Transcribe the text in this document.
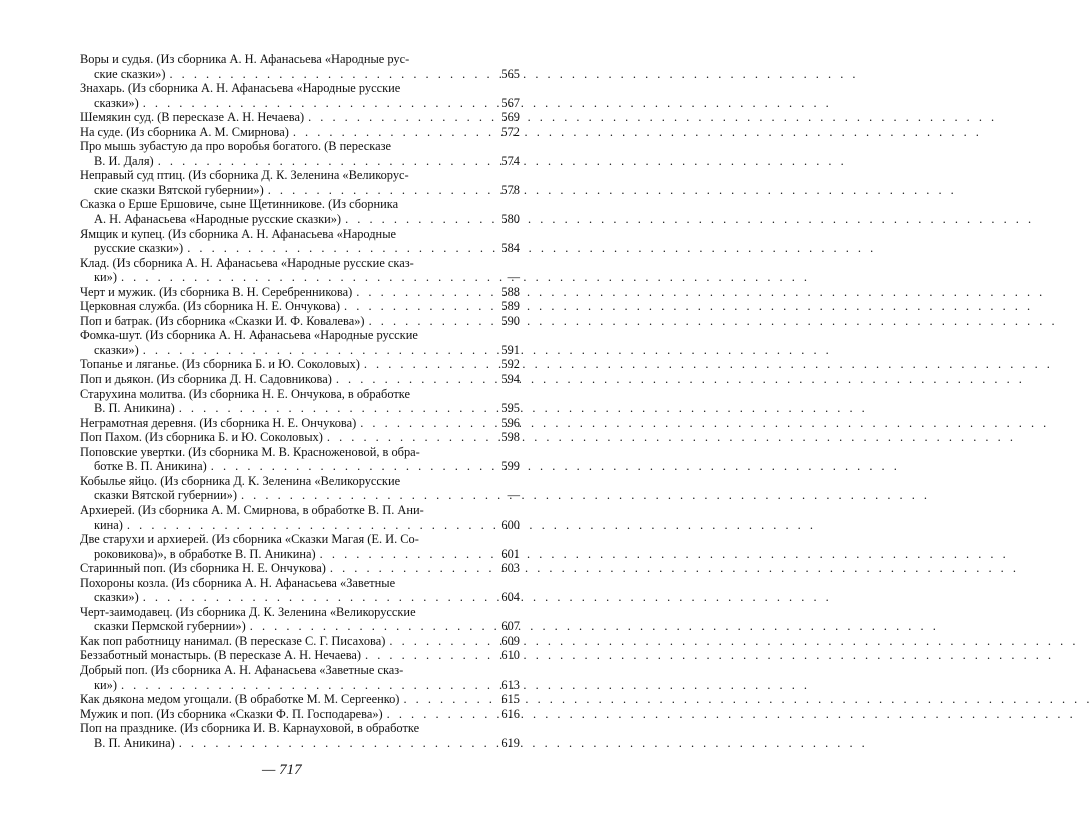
Воры и судья. (Из сборника А. Н. Афанасьева «Народные рус-
ские сказки») . . .	565
Знахарь. (Из сборника А. Н. Афанасьева «Народные русские
сказки») . . .	567
Шемякин суд. (В пересказе А. Н. Нечаева) . . .	569
На суде. (Из сборника А. М. Смирнова) . . .	572
Про мышь зубастую да про воробья богатого. (В пересказе
В. И. Даля) . . .	574
Неправый суд птиц. (Из сборника Д. К. Зеленина «Великорус-
ские сказки Вятской губернии») . . .	578
Сказка о Ерше Ершовиче, сыне Щетинникове. (Из сборника
А. Н. Афанасьева «Народные русские сказки») . . .	580
Ямщик и купец. (Из сборника А. Н. Афанасьева «Народные
русские сказки») . . .	584
Клад. (Из сборника А. Н. Афанасьева «Народные русские сказ-
ки») . . .	—
Черт и мужик. (Из сборника В. Н. Серебренникова) . . .	588
Церковная служба. (Из сборника Н. Е. Ончукова) . . .	589
Поп и батрак. (Из сборника «Сказки И. Ф. Ковалева») . . .	590
Фомка-шут. (Из сборника А. Н. Афанасьева «Народные русские
сказки») . . .	591
Топанье и ляганье. (Из сборника Б. и Ю. Соколовых) . . .	592
Поп и дьякон. (Из сборника Д. Н. Садовникова) . . .	594
Старухина молитва. (Из сборника Н. Е. Ончукова, в обработке
В. П. Аникина) . . .	595
Неграмотная деревня. (Из сборника Н. Е. Ончукова) . . .	596
Поп Пахом. (Из сборника Б. и Ю. Соколовых) . . .	598
Поповские увертки. (Из сборника М. В. Красноженовой, в обра-
ботке В. П. Аникина) . . .	599
Кобылье яйцо. (Из сборника Д. К. Зеленина «Великорусские
сказки Вятской губернии») . . .	—
Архиерей. (Из сборника А. М. Смирнова, в обработке В. П. Ани-
кина) . . .	600
Две старухи и архиерей. (Из сборника «Сказки Магая (Е. И. Со-
роковикова)», в обработке В. П. Аникина) . . .	601
Старинный поп. (Из сборника Н. Е. Ончукова) . . .	603
Похороны козла. (Из сборника А. Н. Афанасьева «Заветные
сказки») . . .	604
Черт-заимодавец. (Из сборника Д. К. Зеленина «Великорусские
сказки Пермской губернии») . . .	607
Как поп работницу нанимал. (В пересказе С. Г. Писахова) . . .	609
Беззаботный монастырь. (В пересказе А. Н. Нечаева) . . .	610
Добрый поп. (Из сборника А. Н. Афанасьева «Заветные сказ-
ки») . . .	613
Как дьякона медом угощали. (В обработке М. М. Сергеенко) . . .	615
Мужик и поп. (Из сборника «Сказки Ф. П. Господарева») . . .	616
Поп на празднике. (Из сборника И. В. Карнауховой, в обработке
В. П. Аникина) . . .	619
— 717
